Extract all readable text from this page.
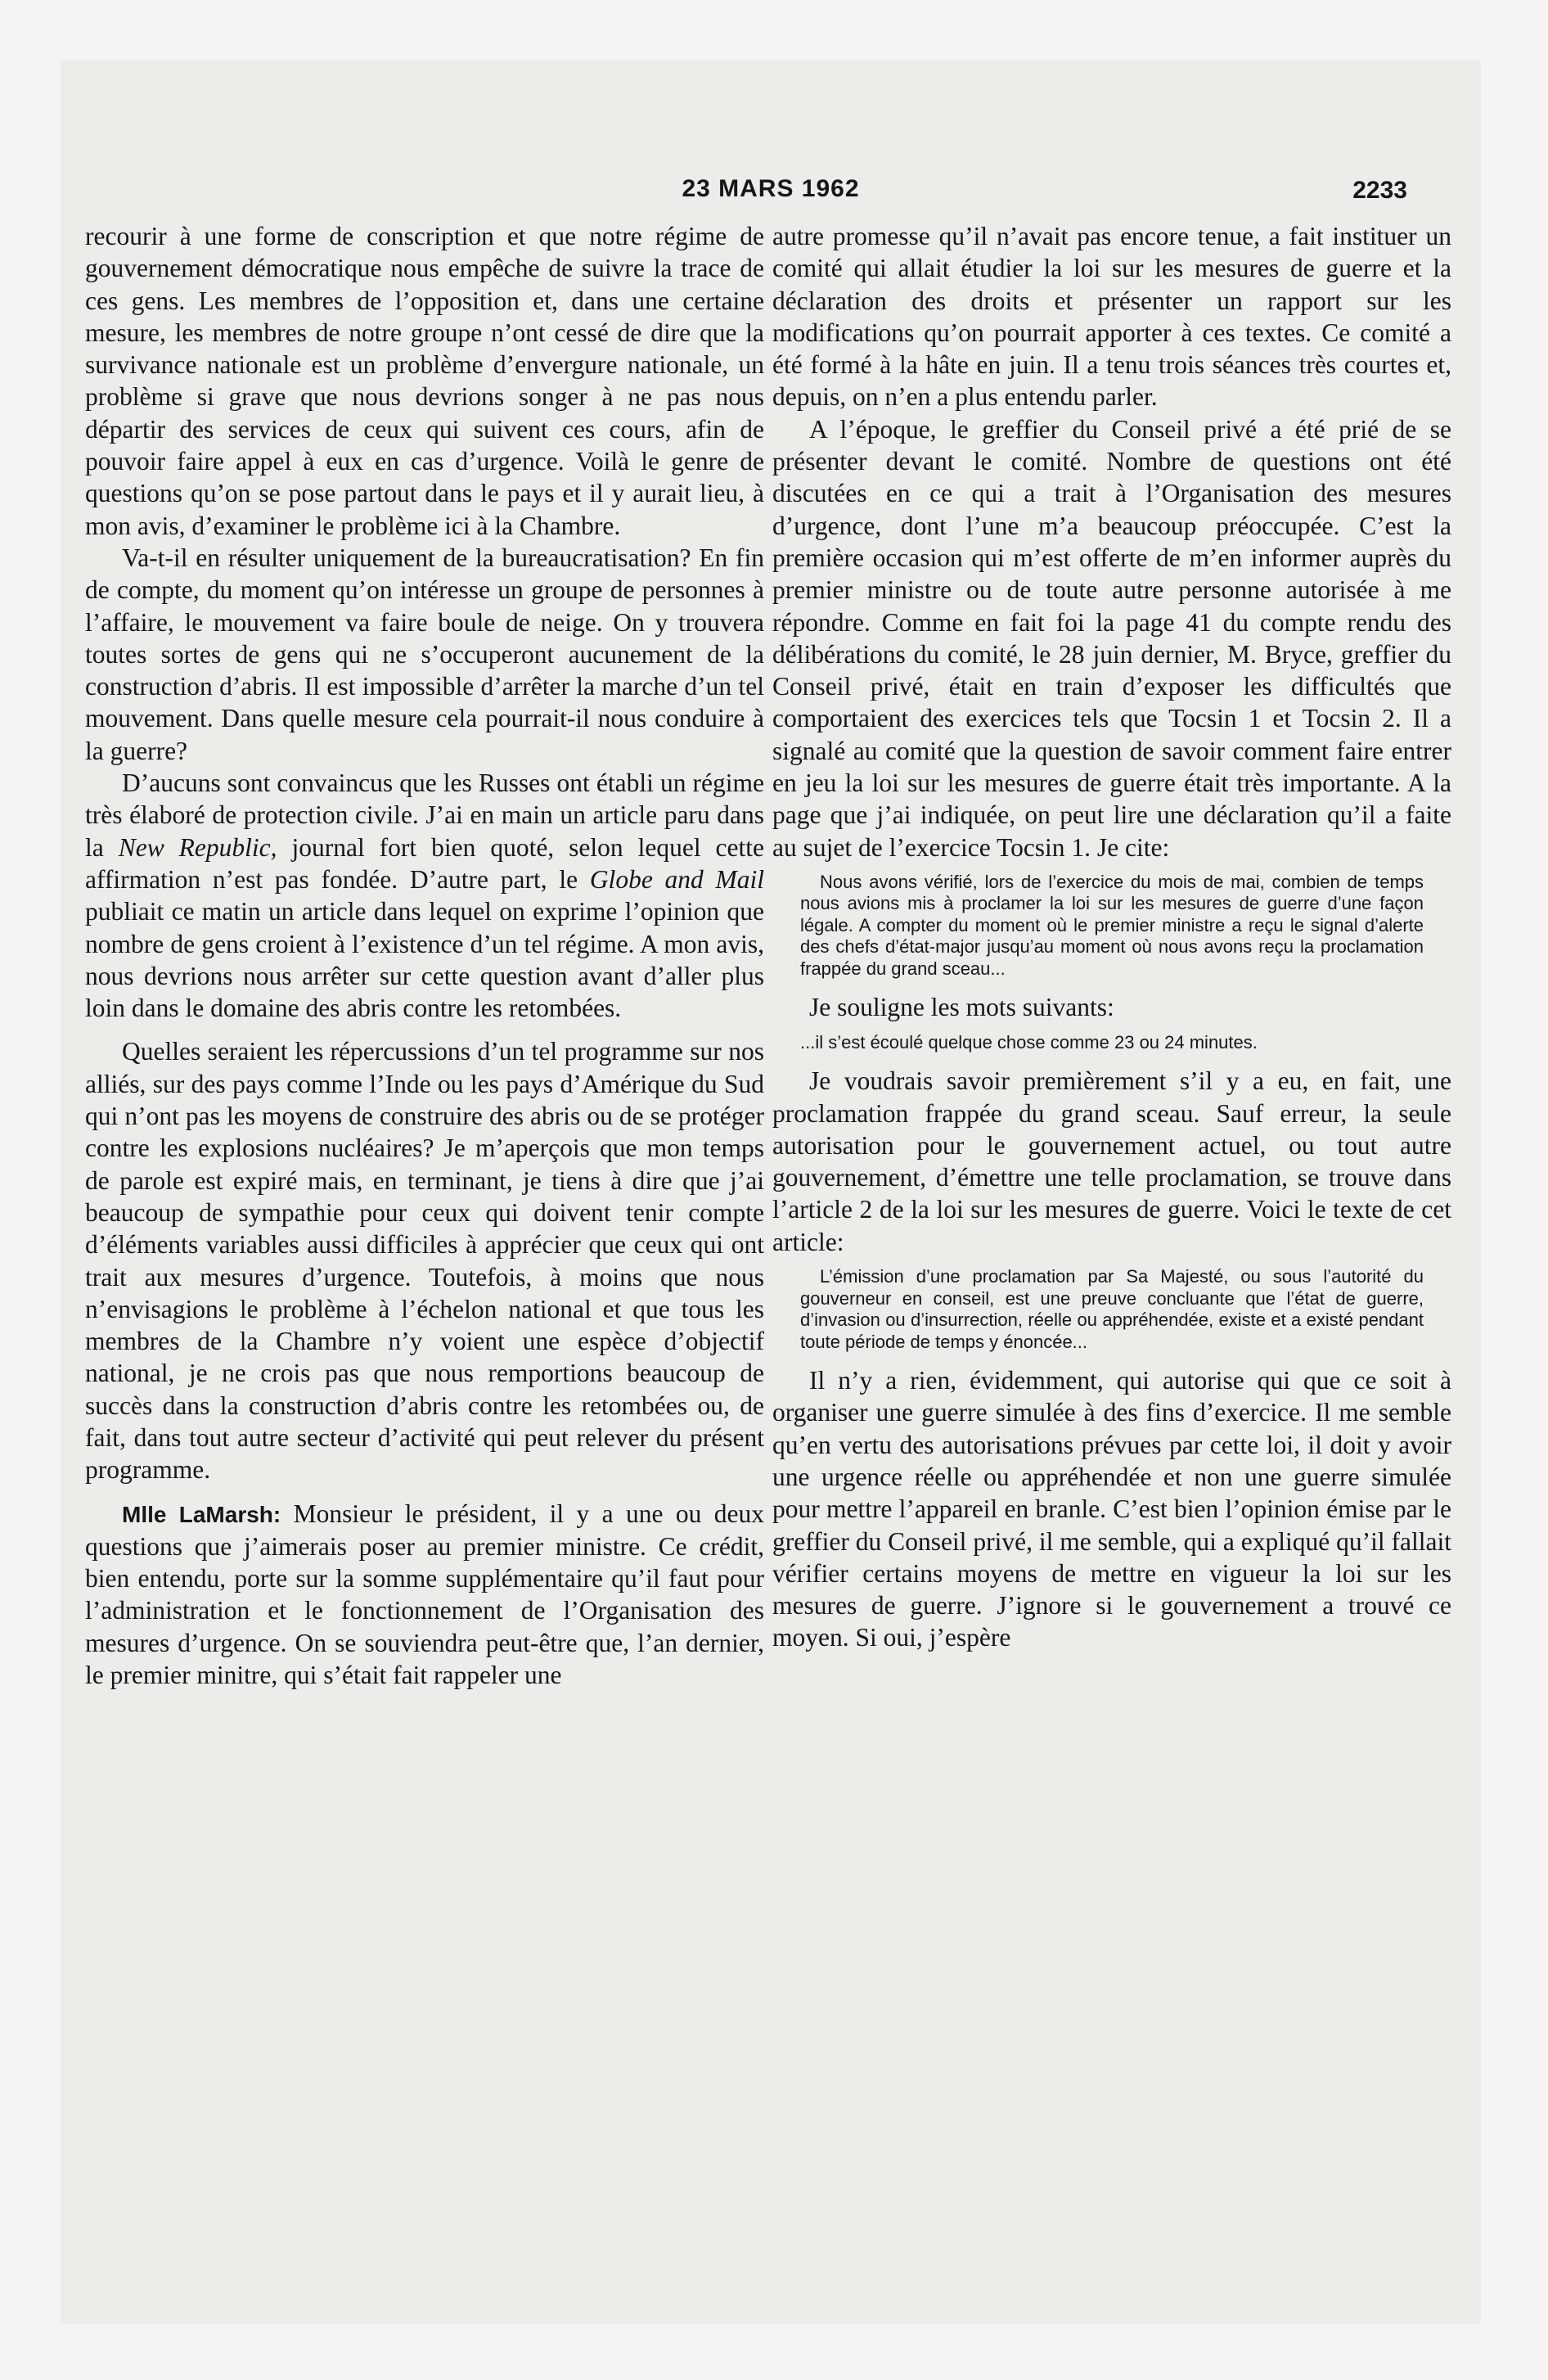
23 MARS 1962	2233

recourir à une forme de conscription et que notre régime de gouvernement démocratique nous empêche de suivre la trace de ces gens. Les membres de l’opposition et, dans une certaine mesure, les membres de notre groupe n’ont cessé de dire que la survivance nationale est un problème d’envergure nationale, un problème si grave que nous devrions songer à ne pas nous départir des services de ceux qui suivent ces cours, afin de pouvoir faire appel à eux en cas d’urgence. Voilà le genre de questions qu’on se pose partout dans le pays et il y aurait lieu, à mon avis, d’examiner le problème ici à la Chambre.

Va-t-il en résulter uniquement de la bureaucratisation? En fin de compte, du moment qu’on intéresse un groupe de personnes à l’affaire, le mouvement va faire boule de neige. On y trouvera toutes sortes de gens qui ne s’occuperont aucunement de la construction d’abris. Il est impossible d’arrêter la marche d’un tel mouvement. Dans quelle mesure cela pourrait-il nous conduire à la guerre?

D’aucuns sont convaincus que les Russes ont établi un régime très élaboré de protection civile. J’ai en main un article paru dans la New Republic, journal fort bien quoté, selon lequel cette affirmation n’est pas fondée. D’autre part, le Globe and Mail publiait ce matin un article dans lequel on exprime l’opinion que nombre de gens croient à l’existence d’un tel régime. A mon avis, nous devrions nous arrêter sur cette question avant d’aller plus loin dans le domaine des abris contre les retombées.

Quelles seraient les répercussions d’un tel programme sur nos alliés, sur des pays comme l’Inde ou les pays d’Amérique du Sud qui n’ont pas les moyens de construire des abris ou de se protéger contre les explosions nucléaires? Je m’aperçois que mon temps de parole est expiré mais, en terminant, je tiens à dire que j’ai beaucoup de sympathie pour ceux qui doivent tenir compte d’éléments variables aussi difficiles à apprécier que ceux qui ont trait aux mesures d’urgence. Toutefois, à moins que nous n’envisagions le problème à l’échelon national et que tous les membres de la Chambre n’y voient une espèce d’objectif national, je ne crois pas que nous remportions beaucoup de succès dans la construction d’abris contre les retombées ou, de fait, dans tout autre secteur d’activité qui peut relever du présent programme.

Mlle LaMarsh: Monsieur le président, il y a une ou deux questions que j’aimerais poser au premier ministre. Ce crédit, bien entendu, porte sur la somme supplémentaire qu’il faut pour l’administration et le fonctionnement de l’Organisation des mesures d’urgence. On se souviendra peut-être que, l’an dernier, le premier minitre, qui s’était fait rappeler une

autre promesse qu’il n’avait pas encore tenue, a fait instituer un comité qui allait étudier la loi sur les mesures de guerre et la déclaration des droits et présenter un rapport sur les modifications qu’on pourrait apporter à ces textes. Ce comité a été formé à la hâte en juin. Il a tenu trois séances très courtes et, depuis, on n’en a plus entendu parler.

A l’époque, le greffier du Conseil privé a été prié de se présenter devant le comité. Nombre de questions ont été discutées en ce qui a trait à l’Organisation des mesures d’urgence, dont l’une m’a beaucoup préoccupée. C’est la première occasion qui m’est offerte de m’en informer auprès du premier ministre ou de toute autre personne autorisée à me répondre. Comme en fait foi la page 41 du compte rendu des délibérations du comité, le 28 juin dernier, M. Bryce, greffier du Conseil privé, était en train d’exposer les difficultés que comportaient des exercices tels que Tocsin 1 et Tocsin 2. Il a signalé au comité que la question de savoir comment faire entrer en jeu la loi sur les mesures de guerre était très importante. A la page que j’ai indiquée, on peut lire une déclaration qu’il a faite au sujet de l’exercice Tocsin 1. Je cite:

Nous avons vérifié, lors de l’exercice du mois de mai, combien de temps nous avions mis à proclamer la loi sur les mesures de guerre d’une façon légale. A compter du moment où le premier ministre a reçu le signal d’alerte des chefs d’état-major jusqu’au moment où nous avons reçu la proclamation frappée du grand sceau...

Je souligne les mots suivants:

...il s’est écoulé quelque chose comme 23 ou 24 minutes.

Je voudrais savoir premièrement s’il y a eu, en fait, une proclamation frappée du grand sceau. Sauf erreur, la seule autorisation pour le gouvernement actuel, ou tout autre gouvernement, d’émettre une telle proclamation, se trouve dans l’article 2 de la loi sur les mesures de guerre. Voici le texte de cet article:

L’émission d’une proclamation par Sa Majesté, ou sous l’autorité du gouverneur en conseil, est une preuve concluante que l’état de guerre, d’invasion ou d’insurrection, réelle ou appréhendée, existe et a existé pendant toute période de temps y énoncée...

Il n’y a rien, évidemment, qui autorise qui que ce soit à organiser une guerre simulée à des fins d’exercice. Il me semble qu’en vertu des autorisations prévues par cette loi, il doit y avoir une urgence réelle ou appréhendée et non une guerre simulée pour mettre l’appareil en branle. C’est bien l’opinion émise par le greffier du Conseil privé, il me semble, qui a expliqué qu’il fallait vérifier certains moyens de mettre en vigueur la loi sur les mesures de guerre. J’ignore si le gouvernement a trouvé ce moyen. Si oui, j’espère
